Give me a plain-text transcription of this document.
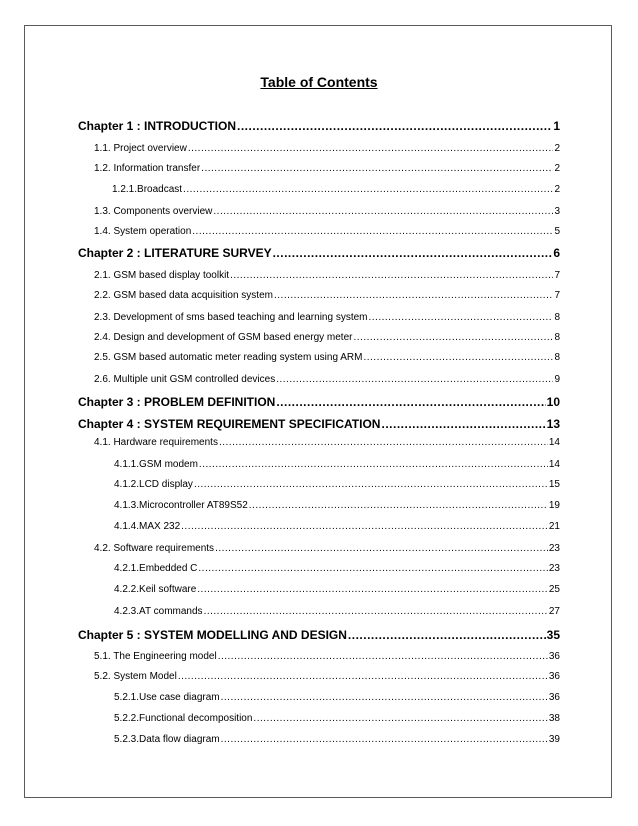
Table of Contents
Chapter 1 : INTRODUCTION .....	1
1.1. Project overview .....	2
1.2. Information transfer .....	2
1.2.1.Broadcast .....	2
1.3. Components overview .....	3
1.4. System operation .....	5
Chapter 2 : LITERATURE SURVEY .....	6
2.1. GSM based display toolkit .....	7
2.2. GSM based data acquisition system .....	7
2.3. Development of sms based teaching and learning system .....	8
2.4. Design and development of GSM based energy meter .....	8
2.5. GSM based automatic meter reading system using ARM .....	8
2.6. Multiple unit GSM controlled devices .....	9
Chapter 3 : PROBLEM DEFINITION .....	10
Chapter 4 : SYSTEM REQUIREMENT SPECIFICATION .....	13
4.1. Hardware requirements .....	14
4.1.1.GSM modem .....	14
4.1.2.LCD display .....	15
4.1.3.Microcontroller AT89S52 .....	19
4.1.4.MAX 232 .....	21
4.2. Software requirements .....	23
4.2.1.Embedded C .....	23
4.2.2.Keil software .....	25
4.2.3.AT commands .....	27
Chapter 5 : SYSTEM MODELLING AND DESIGN .....	35
5.1. The Engineering model .....	36
5.2. System Model .....	36
5.2.1.Use case diagram .....	36
5.2.2.Functional decomposition .....	38
5.2.3.Data flow diagram .....	39
